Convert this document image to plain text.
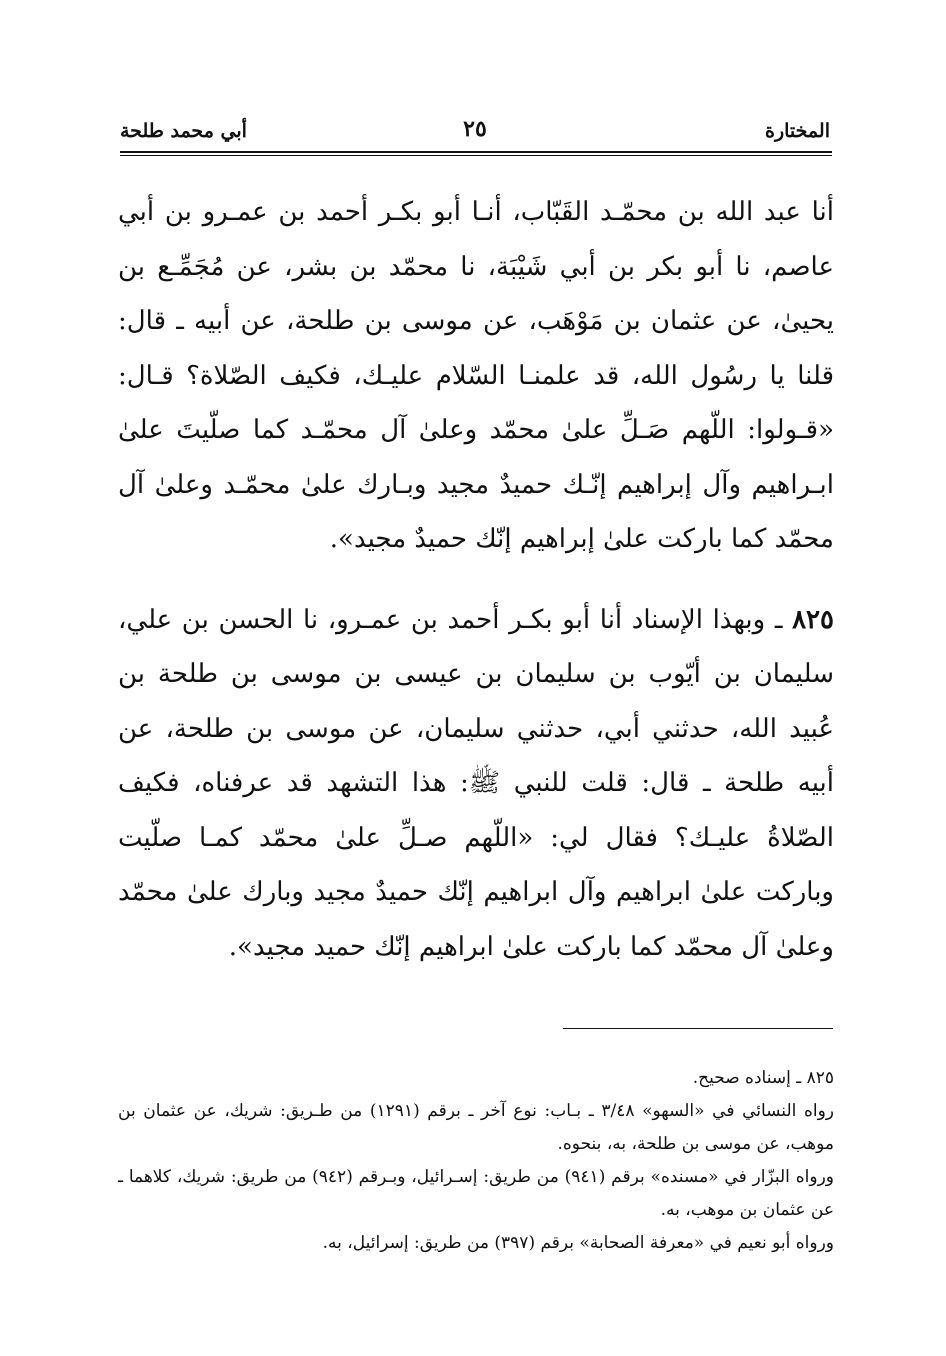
المختارة
٢٥
أبي محمد طلحة

أنا عبد الله بن محمّـد القَبّاب، أنـا أبو بكـر أحمد بن عمـرو بن أبي عاصم، نا أبو بكر بن أبي شَيْبَة، نا محمّد بن بشر، عن مُجَمِّـع بن يحيىٰ، عن عثمان بن مَوْهَب، عن موسى بن طلحة، عن أبيه ـ قال: قلنا يا رسُول الله، قد علمنـا السّلام عليـك، فكيف الصّلاة؟ قـال: «قـولوا: اللّهم صَـلِّ علىٰ محمّد وعلىٰ آل محمّـد كما صلّيتَ علىٰ ابـراهيم وآل إبراهيم إنّـك حميدٌ مجيد وبـارك علىٰ محمّـد وعلىٰ آل محمّد كما باركت علىٰ إبراهيم إنّك حميدٌ مجيد».

٨٢٥ ـ وبهذا الإسناد أنا أبو بكـر أحمد بن عمـرو، نا الحسن بن علي، سليمان بن أيّوب بن سليمان بن عيسى بن موسى بن طلحة بن عُبيد الله، حدثني أبي، حدثني سليمان، عن موسى بن طلحة، عن أبيه طلحة ـ قال: قلت للنبي ﷺ: هذا التشهد قد عرفناه، فكيف الصّلاةُ عليـك؟ فقال لي: «اللّهم صـلِّ علىٰ محمّد كمـا صلّيت وباركت علىٰ ابراهيم وآل ابراهيم إنّك حميدٌ مجيد وبارك علىٰ محمّد وعلىٰ آل محمّد كما باركت علىٰ ابراهيم إنّك حميد مجيد».

٨٢٥ ـ إسناده صحيح.

رواه النسائي في «السهو» ٣/٤٨ ـ بـاب: نوع آخر ـ برقم (١٢٩١) من طـريق: شريك، عن عثمان بن موهب، عن موسى بن طلحة، به، بنحوه.

ورواه البزّار في «مسنده» برقم (٩٤١) من طريق: إسـرائيل، وبـرقم (٩٤٢) من طريق: شريك، كلاهما ـ عن عثمان بن موهب، به.

ورواه أبو نعيم في «معرفة الصحابة» برقم (٣٩٧) من طريق: إسرائيل، به.
